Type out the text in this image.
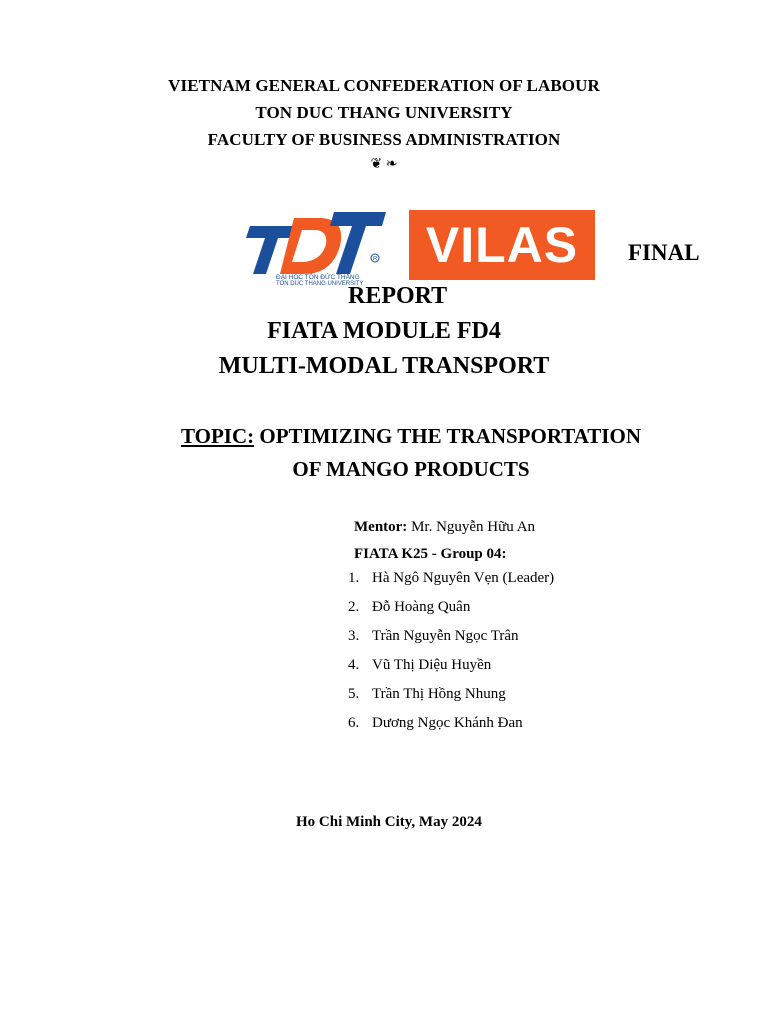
VIETNAM GENERAL CONFEDERATION OF LABOUR
TON DUC THANG UNIVERSITY
FACULTY OF BUSINESS ADMINISTRATION
❦ ❧
R
ĐẠI HỌC TÔN ĐỨC THẮNG
TON DUC THANG UNIVERSITY
VILAS	FINAL
REPORT
FIATA MODULE FD4
MULTI-MODAL TRANSPORT
TOPIC: OPTIMIZING THE TRANSPORTATION
OF MANGO PRODUCTS
Mentor: Mr. Nguyễn Hữu An
FIATA K25 - Group 04:
1. Hà Ngô Nguyên Vẹn (Leader)
2. Đỗ Hoàng Quân
3. Trần Nguyễn Ngọc Trân
4. Vũ Thị Diệu Huyền
5. Trần Thị Hồng Nhung
6. Dương Ngọc Khánh Đan
Ho Chi Minh City, May 2024
